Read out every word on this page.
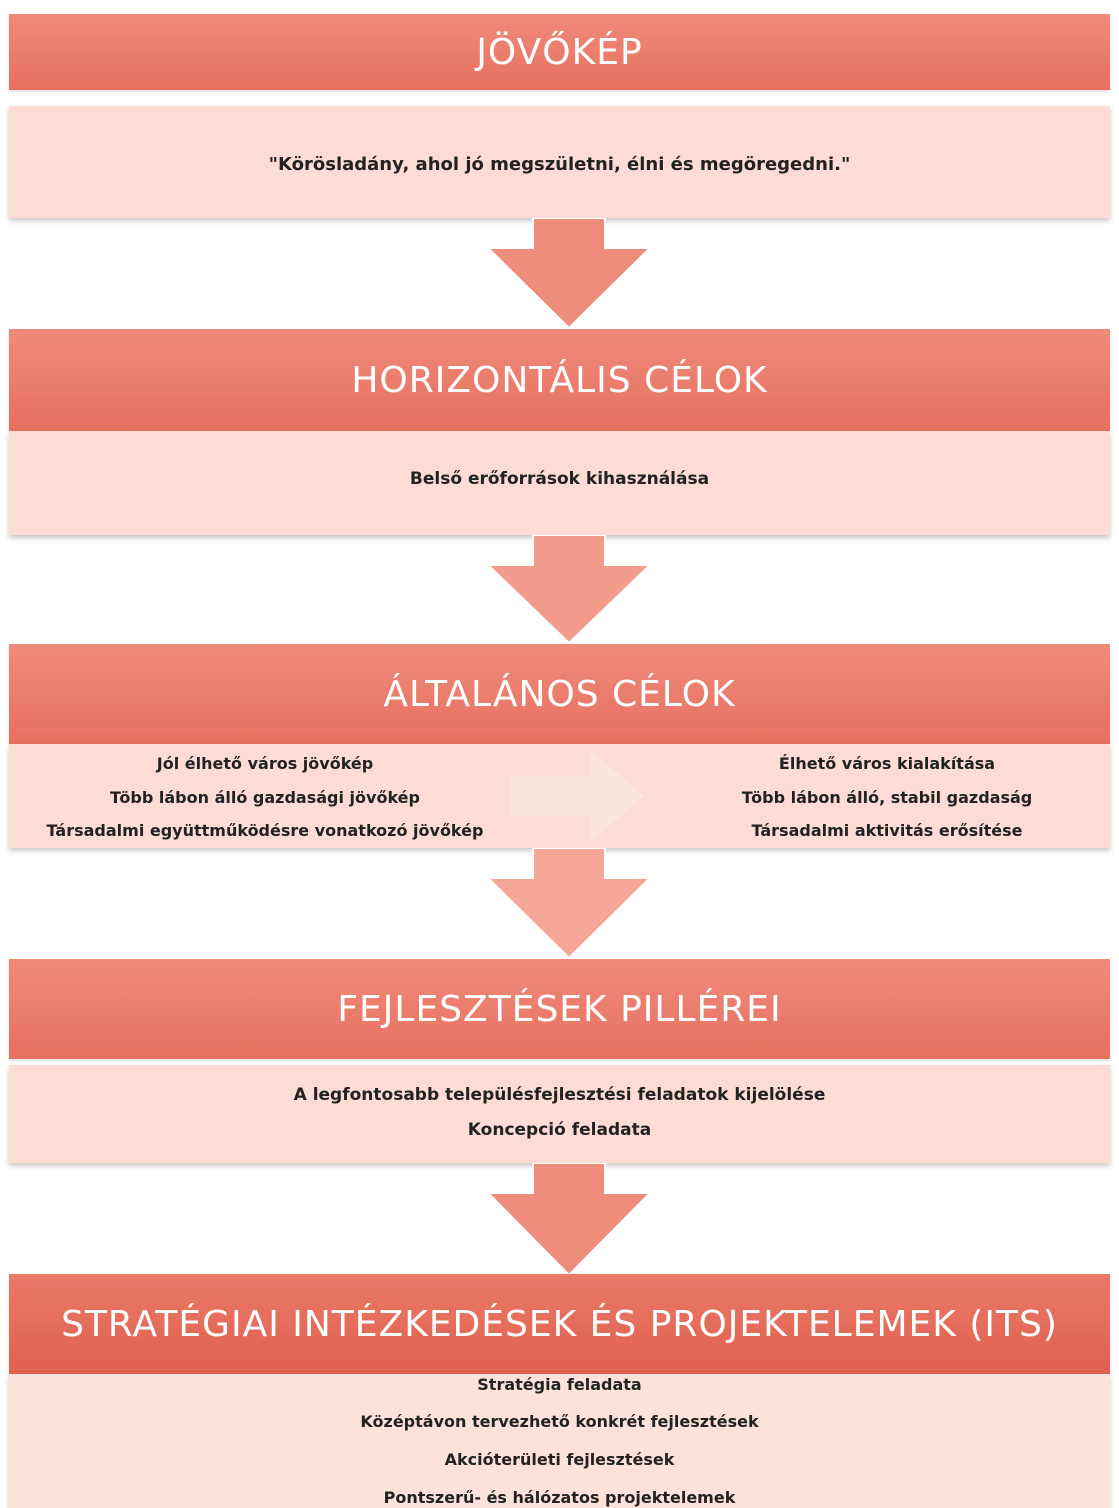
JÖVŐKÉP
"Körösladány, ahol jó megszületni, élni és megöregedni."
HORIZONTÁLIS CÉLOK
Belső erőforrások kihasználása
ÁLTALÁNOS CÉLOK
Jól élhető város jövőkép
Több lábon álló gazdasági jövőkép
Társadalmi együttműködésre vonatkozó jövőkép
Élhető város kialakítása
Több lábon álló, stabil gazdaság
Társadalmi aktivitás erősítése
FEJLESZTÉSEK PILLÉREI
A legfontosabb településfejlesztési feladatok kijelölése
Koncepció feladata
STRATÉGIAI INTÉZKEDÉSEK ÉS PROJEKTELEMEK (ITS)
Stratégia feladata
Középtávon tervezhető konkrét fejlesztések
Akcióterületi fejlesztések
Pontszerű- és hálózatos projektelemek
